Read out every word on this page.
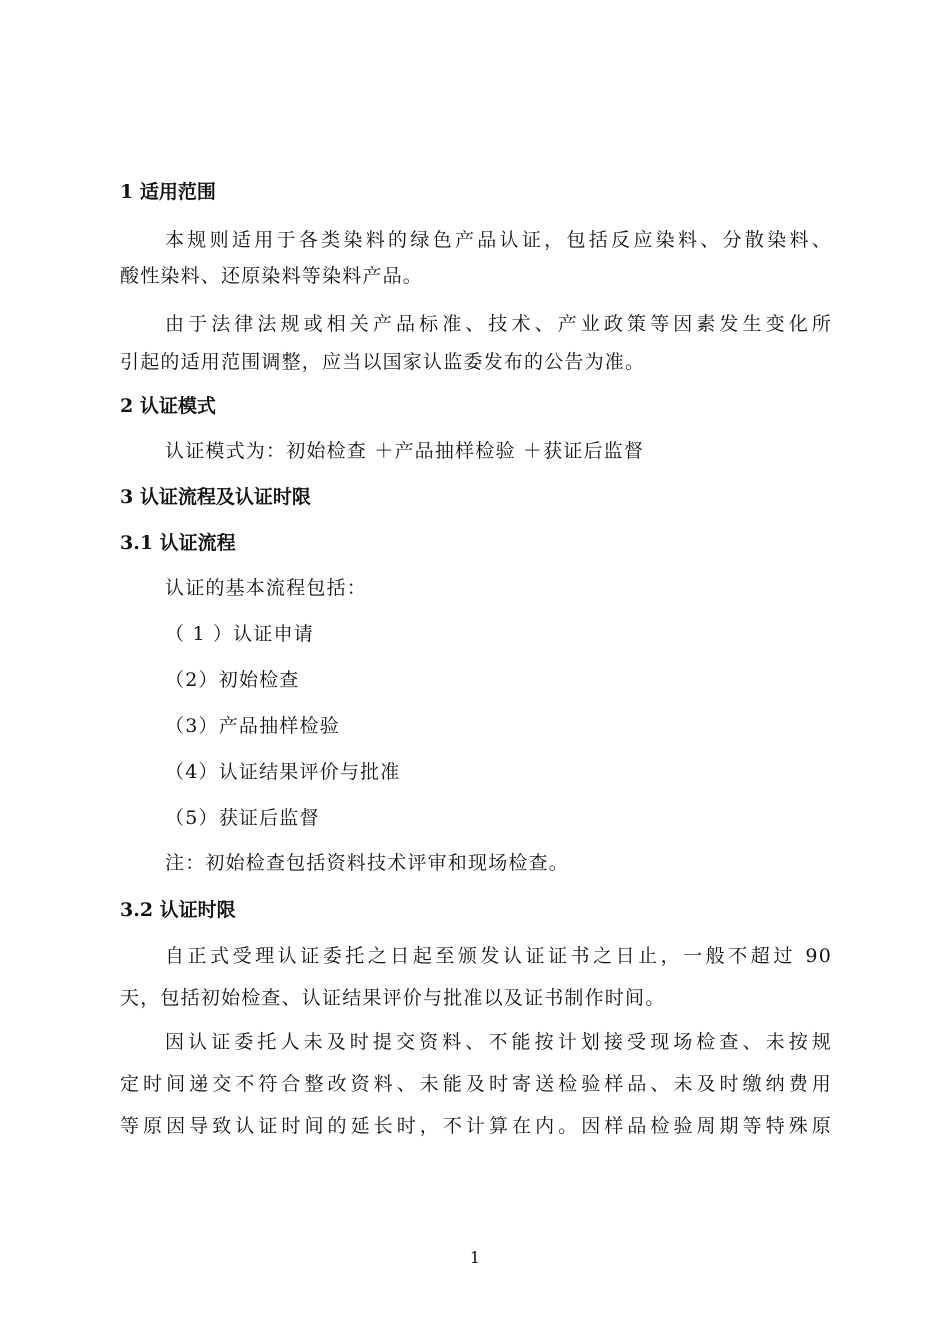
1 适用范围
本规则适用于各类染料的绿色产品认证，包括反应染料、分散染料、
酸性染料、还原染料等染料产品。
由于法律法规或相关产品标准、技术、产业政策等因素发生变化所
引起的适用范围调整，应当以国家认监委发布的公告为准。
2 认证模式
认证模式为：初始检查 ＋产品抽样检验 ＋获证后监督
3 认证流程及认证时限
3.1 认证流程
认证的基本流程包括：
（ 1 ）认证申请
（2）初始检查
（3）产品抽样检验
（4）认证结果评价与批准
（5）获证后监督
注：初始检查包括资料技术评审和现场检查。
3.2 认证时限
自正式受理认证委托之日起至颁发认证证书之日止，一般不超过 90
天，包括初始检查、认证结果评价与批准以及证书制作时间。
因认证委托人未及时提交资料、不能按计划接受现场检查、未按规
定时间递交不符合整改资料、未能及时寄送检验样品、未及时缴纳费用
等原因导致认证时间的延长时，不计算在内。因样品检验周期等特殊原
1
